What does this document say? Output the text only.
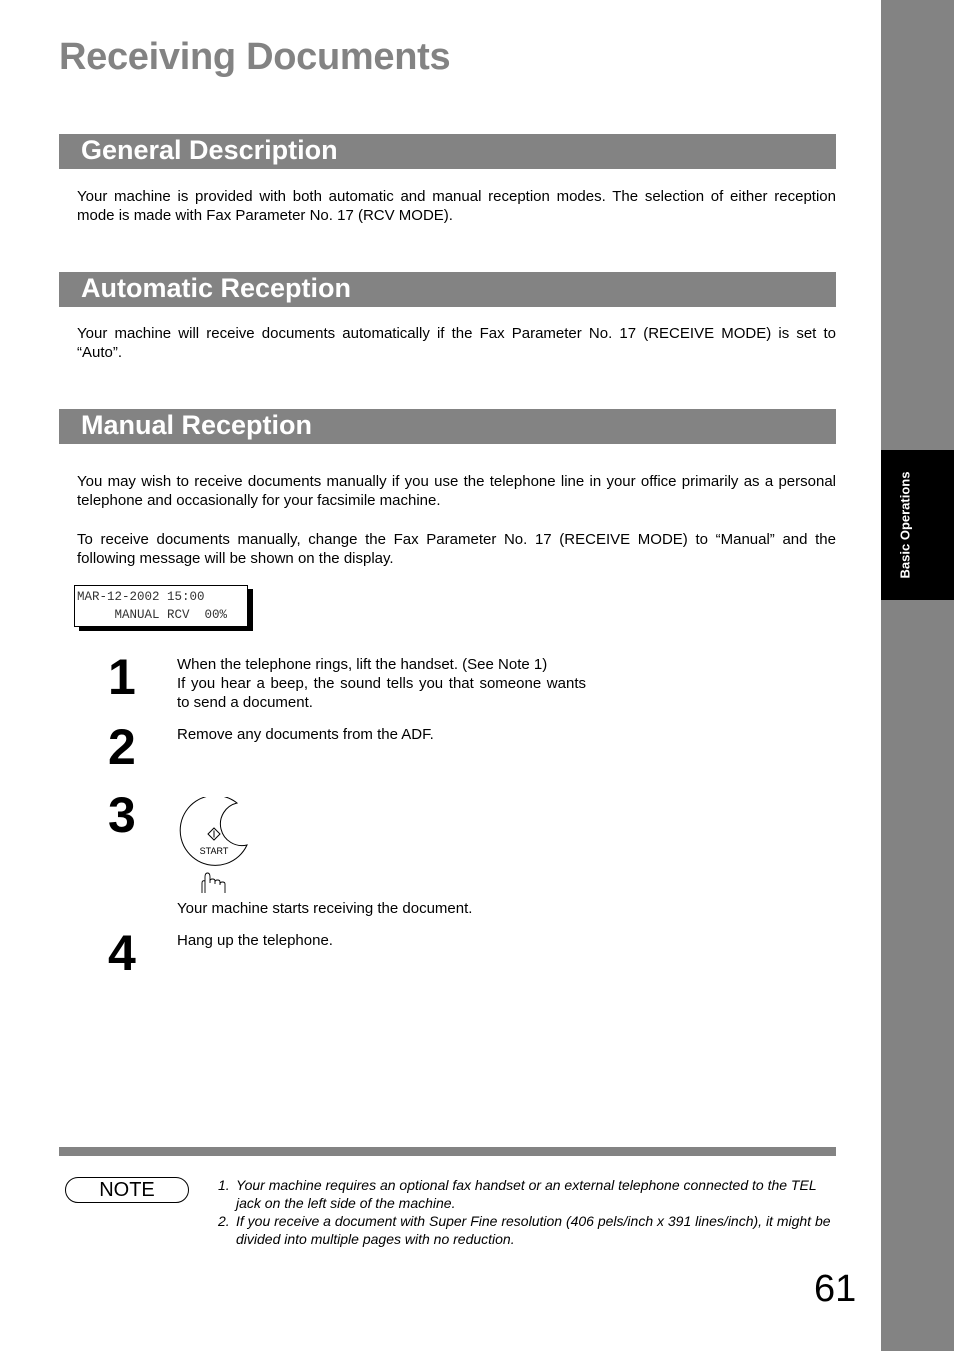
Basic Operations
Receiving Documents
General Description

Your machine is provided with both automatic and manual reception modes. The selection of either reception mode is made with Fax Parameter No. 17 (RCV MODE).

Automatic Reception

Your machine will receive documents automatically if the Fax Parameter No. 17 (RECEIVE MODE) is set to “Auto”.

Manual Reception

You may wish to receive documents manually if you use the telephone line in your office primarily as a personal telephone and occasionally for your facsimile machine.

To receive documents manually, change the Fax Parameter No. 17 (RECEIVE MODE) to “Manual” and the following message will be shown on the display.

MAR-12-2002 15:00
MANUAL RCV  00%
1	When the telephone rings, lift the handset. (See Note 1)

If you hear a beep, the sound tells you that someone wants to send a document.

2	Remove any documents from the ADF.

3
START

Your machine starts receiving the document.

4	Hang up the telephone.

NOTE	1. Your machine requires an optional fax handset or an external telephone connected to the TEL jack on the left side of the machine.
2. If you receive a document with Super Fine resolution (406 pels/inch x 391 lines/inch), it might be divided into multiple pages with no reduction.
61
